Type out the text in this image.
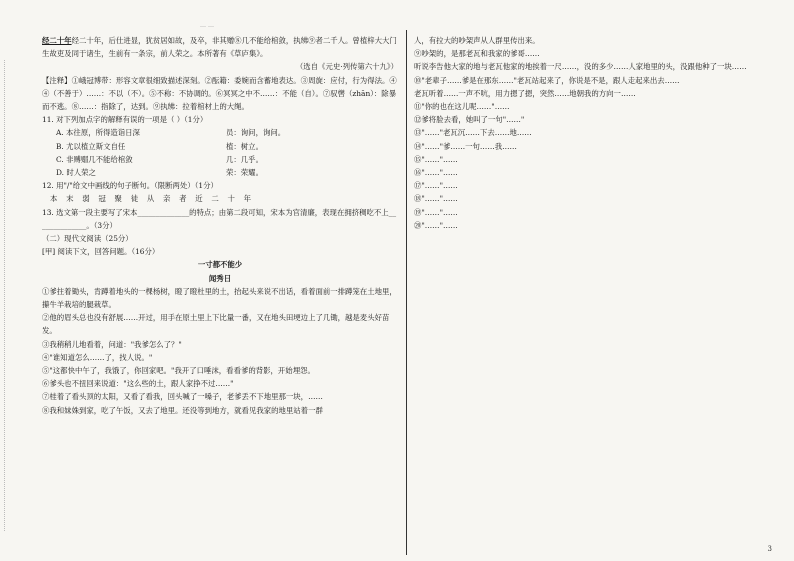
……

经二十年经二十年，后仕进显，犹贫居如故，及卒，非其赠⑧几不能给棺敛，执绋⑨者二千人。曾植梓大大门生故吏及同于诸生，生前有一条宗，前人荣之。本所著有《草庐集》。

（选自《元史·列传第六十九》）

【注释】①峨冠博带：形容文章很细致描述深刻。②酝籍：委婉而含蓄地表达。③周旋：应付，行为得法。④④（不善于）……：不以（不）。⑤不称：不协调的。⑥冥冥之中不……：不能（自）。⑦驭辔（zhān）：除暴而不逃。⑧……：指除了，达到。⑨执绋：拉着棺材上的大绳。

11. 对下列加点字的解释有误的一项是（ ）（1分）

A. 本往原，所得造诣日深	员：询问，询问。
B. 尤以植立斯文自任	植：树立。
C. 非赙赗几不能给棺敛	几：几乎。
D. 时人荣之	荣：荣耀。

12. 用"/"给文中画线的句子断句。（限断两处）（1分）

本 末 弱 冠 聚 徒 从 亲 者 近 二 十 年

13. 选文第一段主要写了宋本______________的特点；由第二段可知，宋本为官清廉，表现在拥挤稠吃不上______________。（3分）

（二）现代文阅读（25分）

[甲] 阅读下文，回答问题。（16分）

一寸都不能少

闻秀日

①爹拄着锄头，肯蹲着地头的一棵杨树，瞪了瞪杜里的土，抬起头来说不出话，看着面前一排蹲笼在土地里，攥牛羊栽培的腿栽草。

②他的眉头总也没有舒展……开过，用手在原土里上下比量一番，又在地头田埂边上了几锄，越是麦头好苗发。

③我稍稍儿地看着，问道："我爹怎么了？"

④"谁知道怎么……了，找人说。"

⑤"这都快中午了，我饿了，你回家吧。"我开了口唾沫，看看爹的背影，开始埋怨。

⑥爹头也不扭回来说道："这么些的土，跟人家挣不过……"

⑦桂着了看头顶的太阳，又看了看我，回头喊了一嗓子，老爹丢不下地里那一块，……

⑧我和妹姝到家，吃了午饭，又去了地里。还没等到地方，就看见我家的地里站着一群

人，有拉大的吵架声从人群里传出来。

⑨吵架的，是那老瓦和我家的爹哥……

听说李告他大家的地与老瓦他家的地挨着一尺……，没的多少……人家地里的头，没跟他种了一块……

⑩"老辈子……爹是在那东……"老瓦站起来了，你说是不是，跟人走起来出去……

老瓦听着……一声不吭，用力摁了摁，突然……地朝我的方向一……

⑪"你的也在这儿呢……"……

⑫爹将脸去看，她叫了一句"……"

⑬"……"老瓦沉……下去……地……

⑭"……"爹……一句……我……

⑮"……"……

⑯"……"……

⑰"……"……

⑱"……"……

⑲"……"……

⑳"……"……

3
